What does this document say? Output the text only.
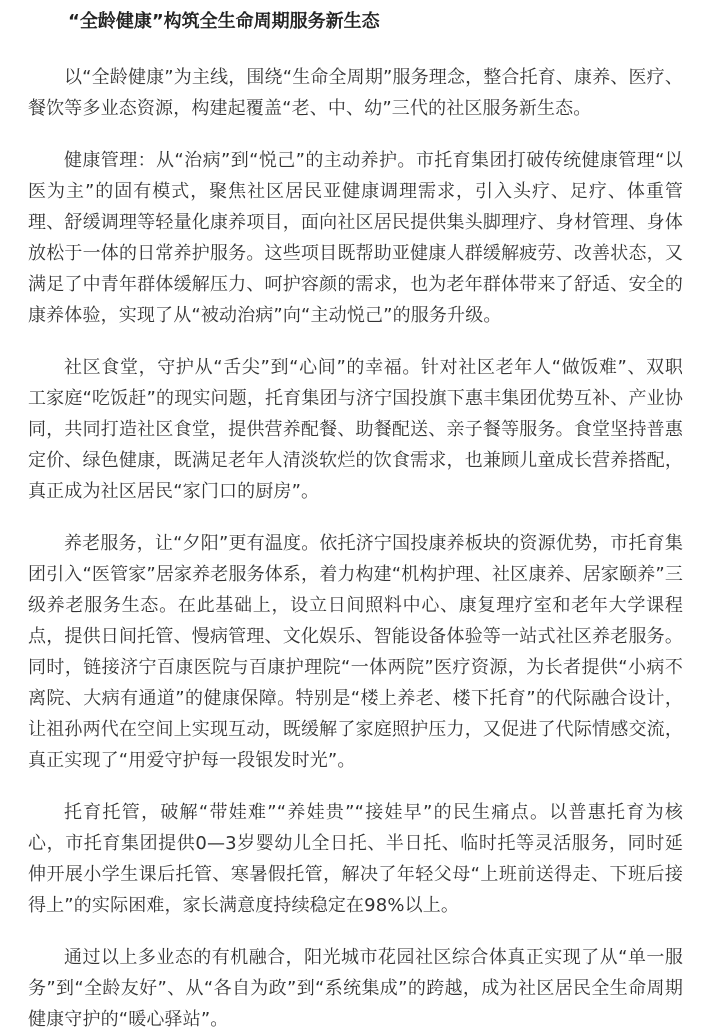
“全龄健康”构筑全生命周期服务新生态

以“全龄健康”为主线，围绕“生命全周期”服务理念，整合托育、康养、医疗、餐饮等多业态资源，构建起覆盖“老、中、幼”三代的社区服务新生态。

健康管理：从“治病”到“悦己”的主动养护。市托育集团打破传统健康管理“以医为主”的固有模式，聚焦社区居民亚健康调理需求，引入头疗、足疗、体重管理、舒缓调理等轻量化康养项目，面向社区居民提供集头脚理疗、身材管理、身体放松于一体的日常养护服务。这些项目既帮助亚健康人群缓解疲劳、改善状态，又满足了中青年群体缓解压力、呵护容颜的需求，也为老年群体带来了舒适、安全的康养体验，实现了从“被动治病”向“主动悦己”的服务升级。

社区食堂，守护从“舌尖”到“心间”的幸福。针对社区老年人“做饭难”、双职工家庭“吃饭赶”的现实问题，托育集团与济宁国投旗下惠丰集团优势互补、产业协同，共同打造社区食堂，提供营养配餐、助餐配送、亲子餐等服务。食堂坚持普惠定价、绿色健康，既满足老年人清淡软烂的饮食需求，也兼顾儿童成长营养搭配，真正成为社区居民“家门口的厨房”。

养老服务，让“夕阳”更有温度。依托济宁国投康养板块的资源优势，市托育集团引入“医管家”居家养老服务体系，着力构建“机构护理、社区康养、居家颐养”三级养老服务生态。在此基础上，设立日间照料中心、康复理疗室和老年大学课程点，提供日间托管、慢病管理、文化娱乐、智能设备体验等一站式社区养老服务。同时，链接济宁百康医院与百康护理院“一体两院”医疗资源，为长者提供“小病不离院、大病有通道”的健康保障。特别是“楼上养老、楼下托育”的代际融合设计，让祖孙两代在空间上实现互动，既缓解了家庭照护压力，又促进了代际情感交流，真正实现了“用爱守护每一段银发时光”。

托育托管，破解“带娃难”“养娃贵”“接娃早”的民生痛点。以普惠托育为核心，市托育集团提供0—3岁婴幼儿全日托、半日托、临时托等灵活服务，同时延伸开展小学生课后托管、寒暑假托管，解决了年轻父母“上班前送得走、下班后接得上”的实际困难，家长满意度持续稳定在98%以上。

通过以上多业态的有机融合，阳光城市花园社区综合体真正实现了从“单一服务”到“全龄友好”、从“各自为政”到“系统集成”的跨越，成为社区居民全生命周期健康守护的“暖心驿站”。
